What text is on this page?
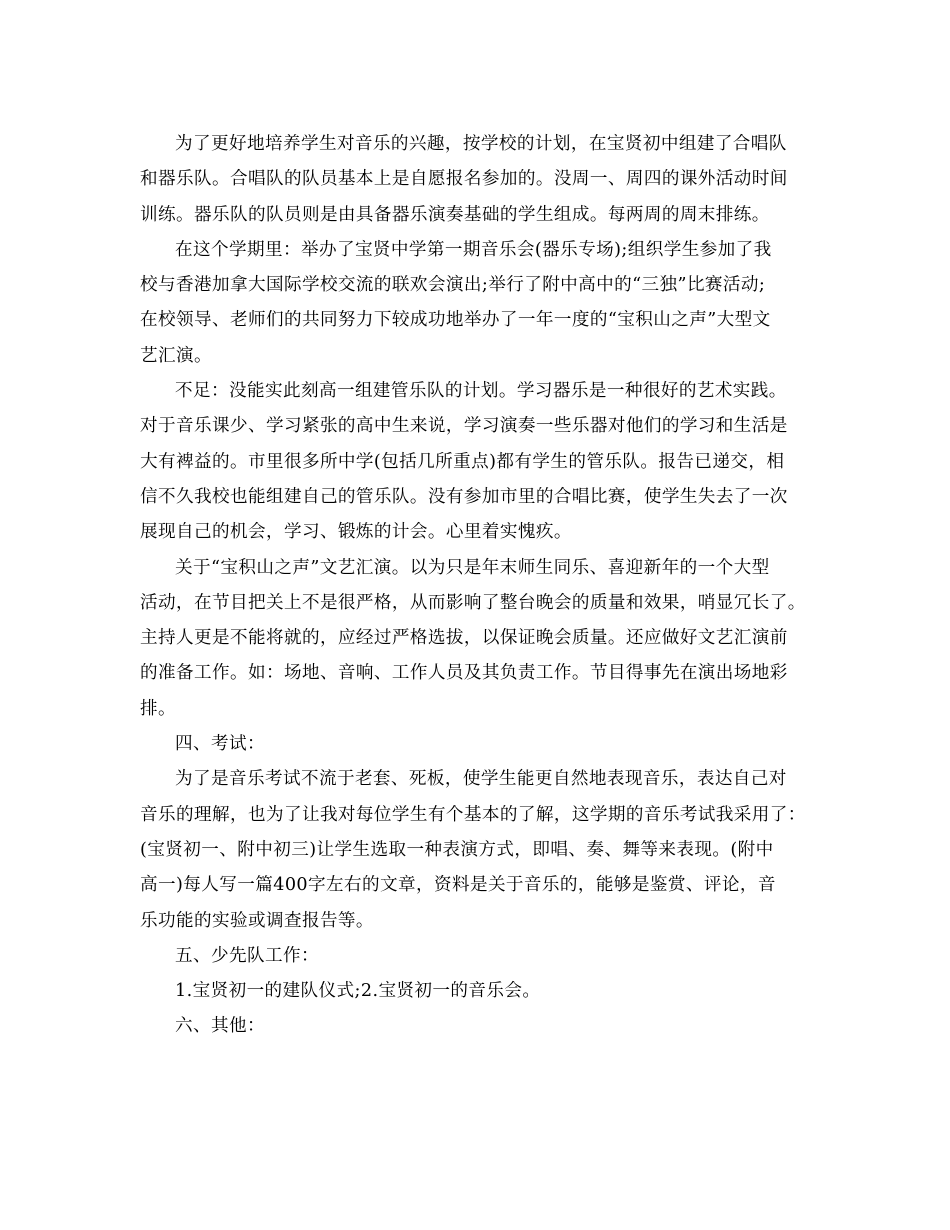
为了更好地培养学生对音乐的兴趣，按学校的计划，在宝贤初中组建了合唱队
和器乐队。合唱队的队员基本上是自愿报名参加的。没周一、周四的课外活动时间
训练。器乐队的队员则是由具备器乐演奏基础的学生组成。每两周的周末排练。
在这个学期里：举办了宝贤中学第一期音乐会(器乐专场);组织学生参加了我
校与香港加拿大国际学校交流的联欢会演出;举行了附中高中的“三独”比赛活动;
在校领导、老师们的共同努力下较成功地举办了一年一度的“宝积山之声”大型文
艺汇演。
不足：没能实此刻高一组建管乐队的计划。学习器乐是一种很好的艺术实践。
对于音乐课少、学习紧张的高中生来说，学习演奏一些乐器对他们的学习和生活是
大有裨益的。市里很多所中学(包括几所重点)都有学生的管乐队。报告已递交，相
信不久我校也能组建自己的管乐队。没有参加市里的合唱比赛，使学生失去了一次
展现自己的机会，学习、锻炼的计会。心里着实愧疚。
关于“宝积山之声”文艺汇演。以为只是年末师生同乐、喜迎新年的一个大型
活动，在节目把关上不是很严格，从而影响了整台晚会的质量和效果，哨显冗长了。
主持人更是不能将就的，应经过严格选拔，以保证晚会质量。还应做好文艺汇演前
的准备工作。如：场地、音响、工作人员及其负责工作。节目得事先在演出场地彩
排。
四、考试：
为了是音乐考试不流于老套、死板，使学生能更自然地表现音乐，表达自己对
音乐的理解，也为了让我对每位学生有个基本的了解，这学期的音乐考试我采用了：
(宝贤初一、附中初三)让学生选取一种表演方式，即唱、奏、舞等来表现。(附中
高一)每人写一篇400字左右的文章，资料是关于音乐的，能够是鉴赏、评论，音
乐功能的实验或调查报告等。
五、少先队工作：
1.宝贤初一的建队仪式;2.宝贤初一的音乐会。
六、其他：
